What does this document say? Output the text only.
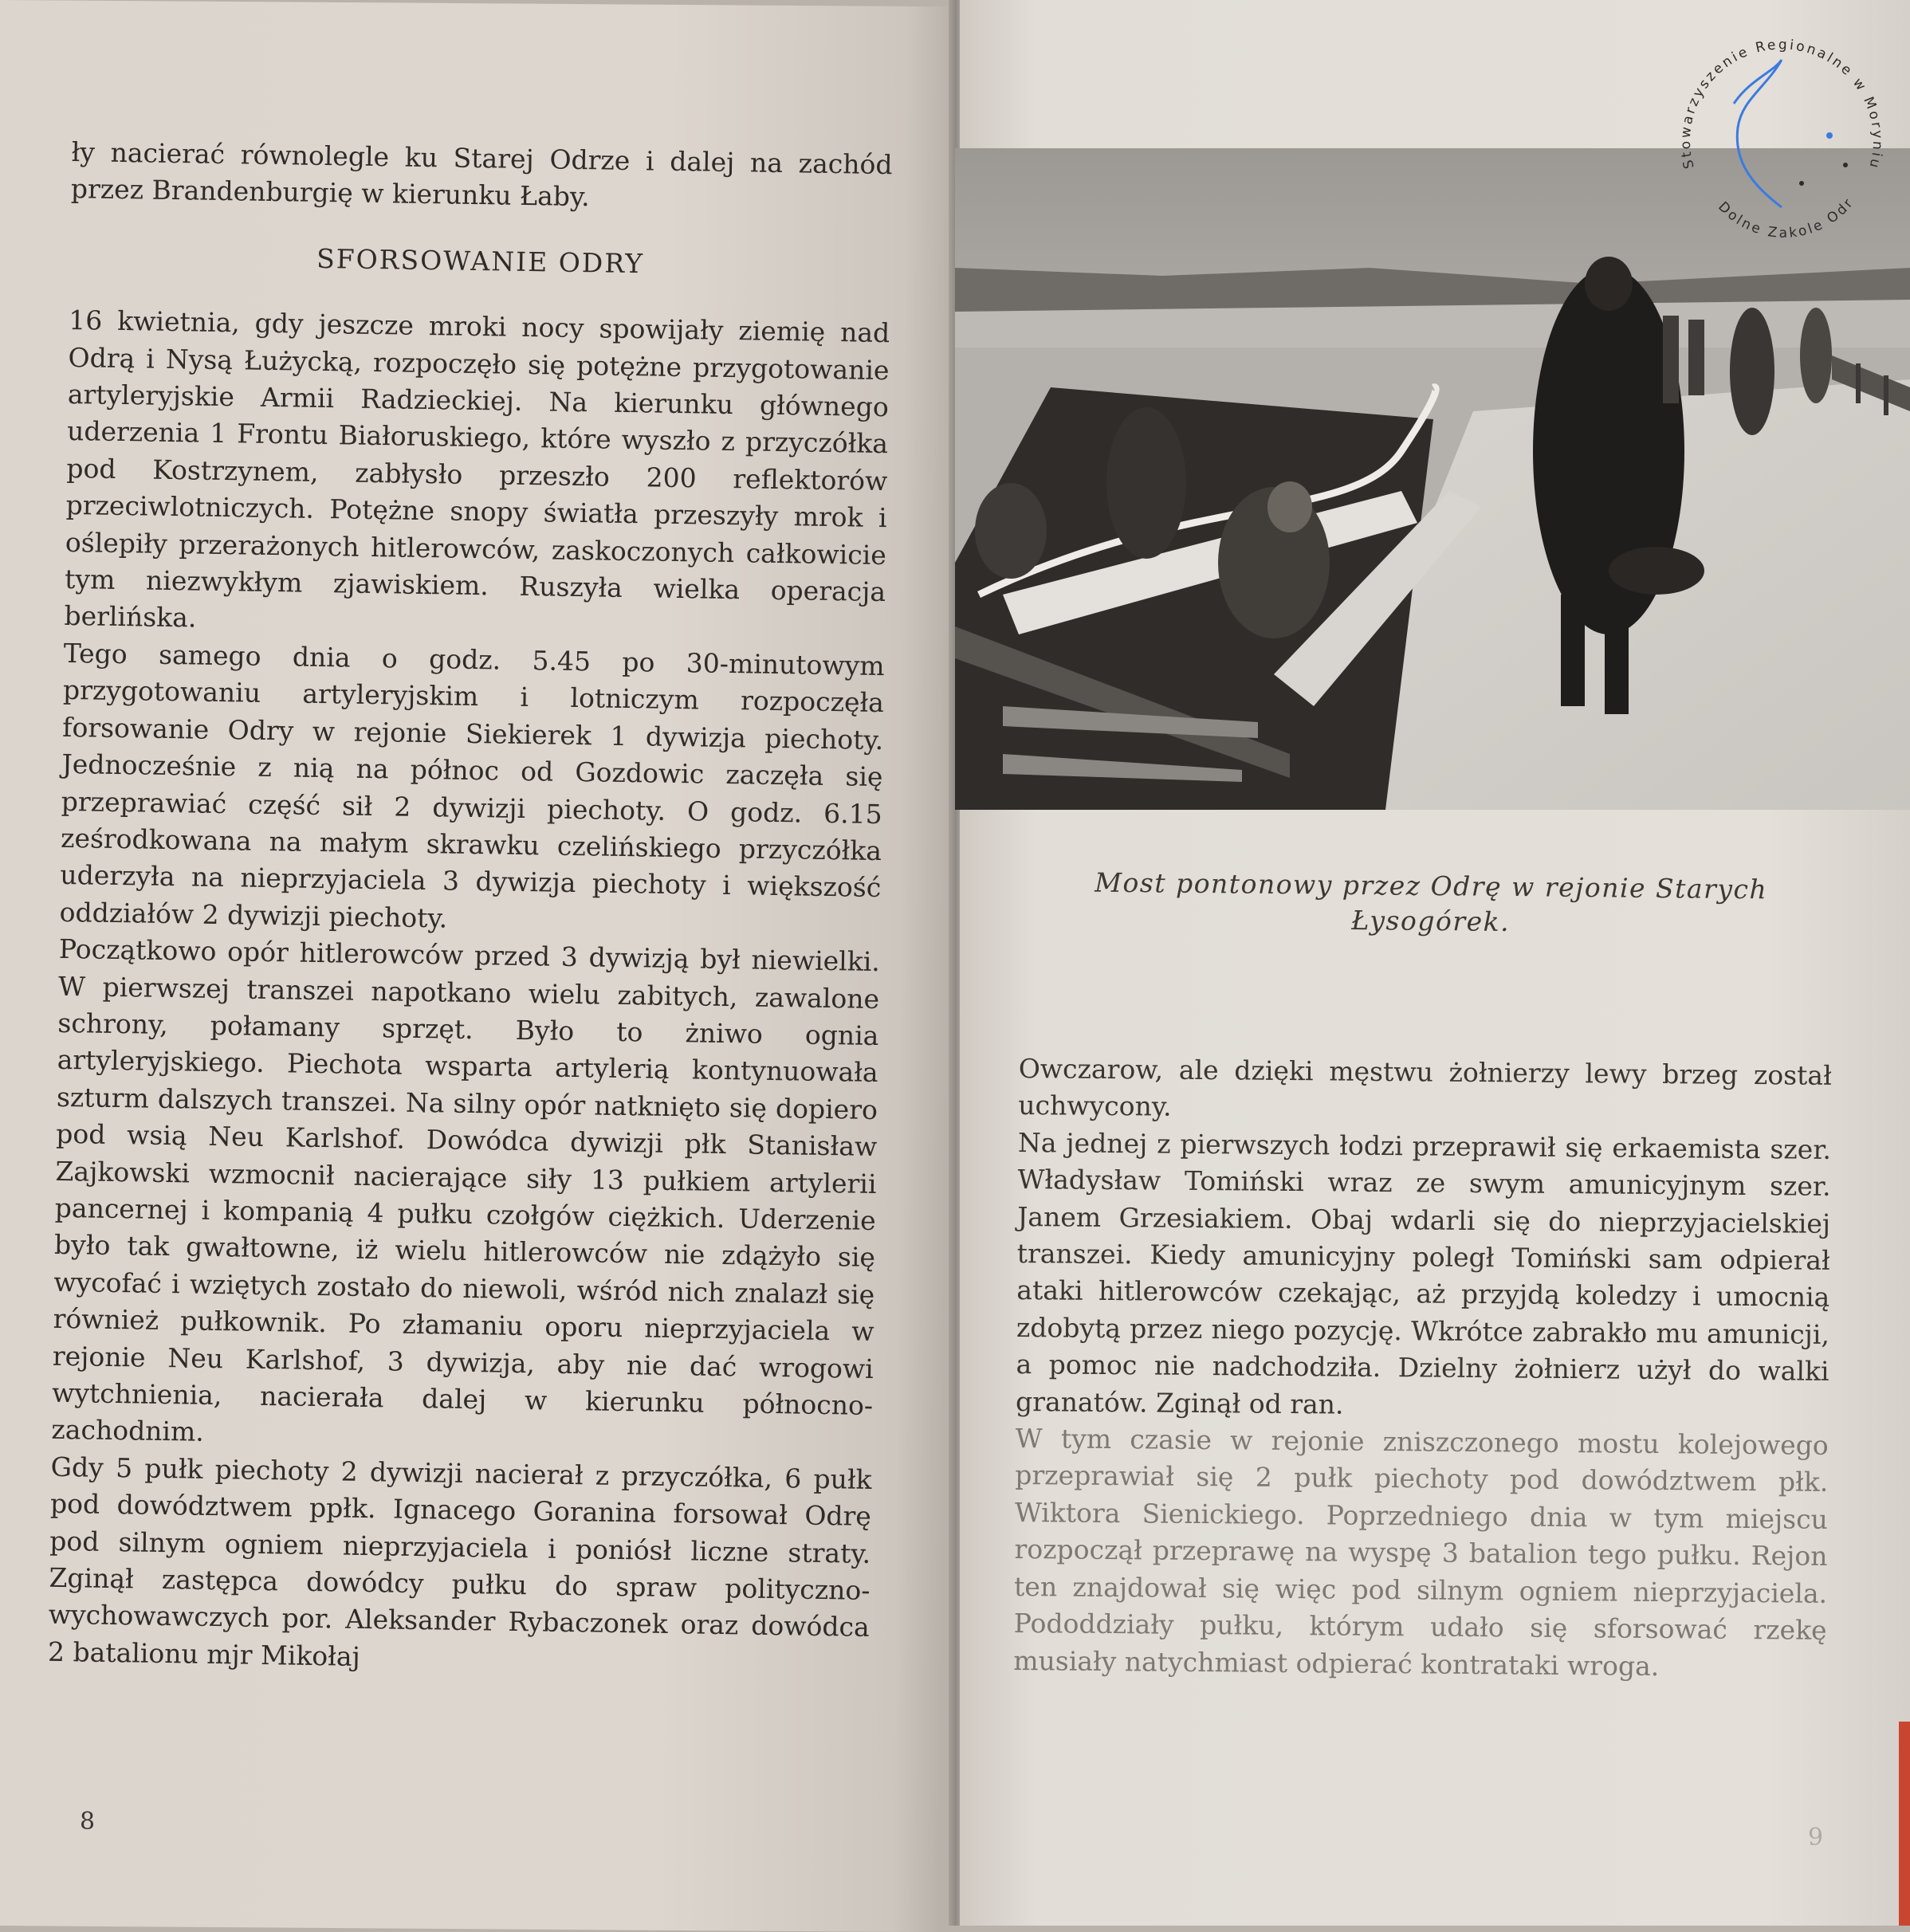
ły nacierać równolegle ku Starej Odrze i dalej na zachód przez Brandenburgię w kierunku Łaby.

SFORSOWANIE ODRY

16 kwietnia, gdy jeszcze mroki nocy spowijały ziemię nad Odrą i Nysą Łużycką, rozpoczęło się potężne przygotowanie artyleryjskie Armii Radzieckiej. Na kierunku głównego uderzenia 1 Frontu Białoruskiego, które wyszło z przyczółka pod Kostrzynem, zabłysło przeszło 200 reflektorów przeciwlotniczych. Potężne snopy światła przeszyły mrok i oślepiły przerażonych hitlerowców, zaskoczonych całkowicie tym niezwykłym zjawiskiem. Ruszyła wielka operacja berlińska.

Tego samego dnia o godz. 5.45 po 30-minutowym przygotowaniu artyleryjskim i lotniczym rozpoczęła forsowanie Odry w rejonie Siekierek 1 dywizja piechoty. Jednocześnie z nią na północ od Gozdowic zaczęła się przeprawiać część sił 2 dywizji piechoty. O godz. 6.15 ześrodkowana na małym skrawku czelińskiego przyczółka uderzyła na nieprzyjaciela 3 dywizja piechoty i większość oddziałów 2 dywizji piechoty.

Początkowo opór hitlerowców przed 3 dywizją był niewielki. W pierwszej transzei napotkano wielu zabitych, zawalone schrony, połamany sprzęt. Było to żniwo ognia artyleryjskiego. Piechota wsparta artylerią kontynuowała szturm dalszych transzei. Na silny opór natknięto się dopiero pod wsią Neu Karlshof. Dowódca dywizji płk Stanisław Zajkowski wzmocnił nacierające siły 13 pułkiem artylerii pancernej i kompanią 4 pułku czołgów ciężkich. Uderzenie było tak gwałtowne, iż wielu hitlerowców nie zdążyło się wycofać i wziętych zostało do niewoli, wśród nich znalazł się również pułkownik. Po złamaniu oporu nieprzyjaciela w rejonie Neu Karlshof, 3 dywizja, aby nie dać wrogowi wytchnienia, nacierała dalej w kierunku północno-zachodnim.

Gdy 5 pułk piechoty 2 dywizji nacierał z przyczółka, 6 pułk pod dowództwem ppłk. Ignacego Goranina forsował Odrę pod silnym ogniem nieprzyjaciela i poniósł liczne straty. Zginął zastępca dowódcy pułku do spraw polityczno-wychowawczych por. Aleksander Rybaczonek oraz dowódca 2 batalionu mjr Mikołaj

8
Most pontonowy przez Odrę w rejonie Starych Łysogórek.

Owczarow, ale dzięki męstwu żołnierzy lewy brzeg został uchwycony.

Na jednej z pierwszych łodzi przeprawił się erkaemista szer. Władysław Tomiński wraz ze swym amunicyjnym szer. Janem Grzesiakiem. Obaj wdarli się do nieprzyjacielskiej transzei. Kiedy amunicyjny poległ Tomiński sam odpierał ataki hitlerowców czekając, aż przyjdą koledzy i umocnią zdobytą przez niego pozycję. Wkrótce zabrakło mu amunicji, a pomoc nie nadchodziła. Dzielny żołnierz użył do walki granatów. Zginął od ran.

W tym czasie w rejonie zniszczonego mostu kolejowego przeprawiał się 2 pułk piechoty pod dowództwem płk. Wiktora Sienickiego. Poprzedniego dnia w tym miejscu rozpoczął przeprawę na wyspę 3 batalion tego pułku. Rejon ten znajdował się więc pod silnym ogniem nieprzyjaciela. Pododdziały pułku, którym udało się sforsować rzekę musiały natychmiast odpierać kontrataki wroga.

9
Stowarzyszenie Regionalne w Moryniu
Dolne Zakole Odr
